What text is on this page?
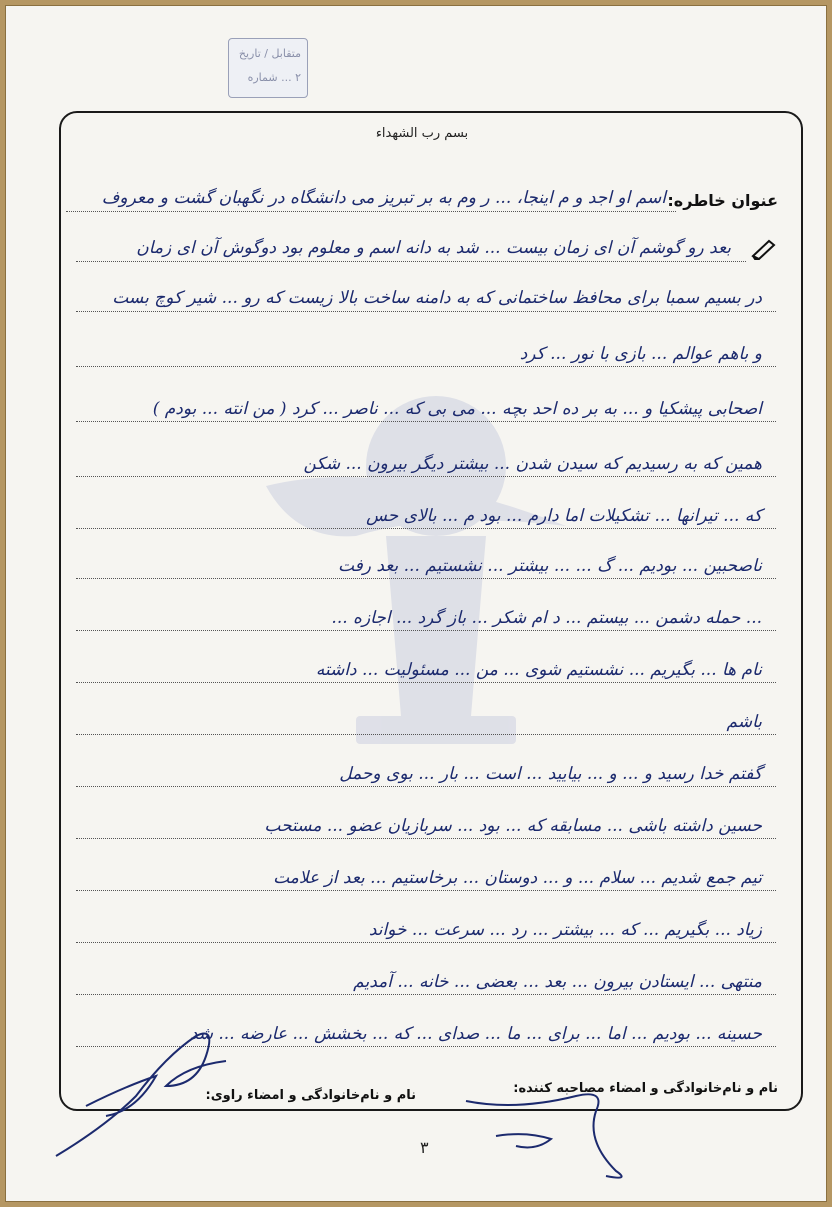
متقابل / تاریخ
۲ ... شماره
بسم رب الشهداء
عنوان خاطره:
اسم او اجد و م اینجا، ... ر وم به بر تبریز می دانشگاه در نگهبان گشت و معروف
بعد رو گوشم آن ای زمان بیست ... شد به دانه اسم و معلوم بود دوگوش آن ای زمان
در بسیم سمبا برای محافظ ساختمانی که به دامنه ساخت بالا زیست که رو ... شیر کوچ بست
و باهم عوالم ... بازی با نور ... کرد
اصحابی پیشکیا و ... به بر ده احد بچه ... می بی که ... ناصر ... کرد ( من انته ... بودم )
همین که به رسیدیم که سیدن شدن ... بیشتر دیگر بیرون ... شکن
که ... تیرانها ... تشکیلات اما دارم ... بود م ... بالای حس
ناصحبین ... بودیم ... گ ... ... بیشتر ... نشستیم ... بعد رفت
... حمله دشمن ... بیستم ... د ام شکر ... باز گرد ... اجازه ...
نام ها ... بگیریم ... نشستیم شوی ... من ... مسئولیت ... داشته
باشم
گفتم خدا رسید و ... و ... بیایید ... است ... بار ... بوی وحمل
حسین داشته باشی ... مسابقه که ... بود ... سربازیان عضو ... مستحب
تیم جمع شدیم ... سلام ... و ... دوستان ... برخاستیم ... بعد از علامت
زیاد ... بگیریم ... که ... بیشتر ... رد ... سرعت ... خواند
منتهی ... ایستادن بیرون ... بعد ... بعضی ... خانه ... آمدیم
حسینه ... بودیم ... اما ... برای ... ما ... صدای ... که ... بخشش ... عارضه ... شد
نام و نام‌خانوادگی و امضاء مصاحبه کننده:
نام و نام‌خانوادگی و امضاء راوی:
۳
